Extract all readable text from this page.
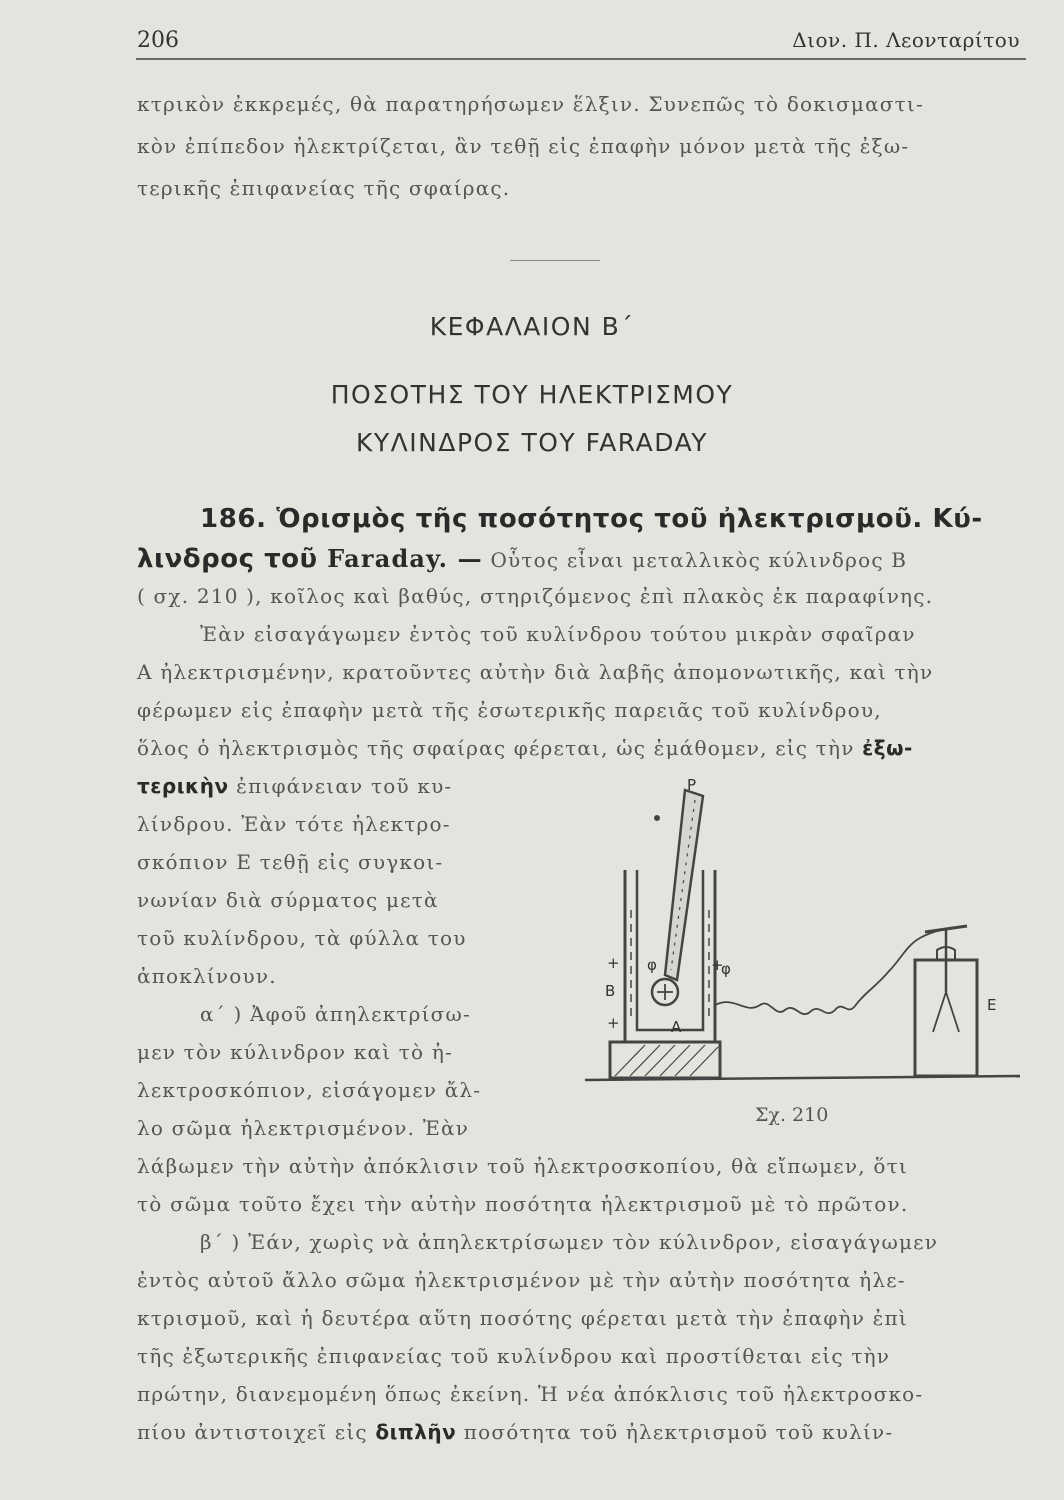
206	Διον. Π. Λεονταρίτου
κτρικὸν ἐκκρεμές, θὰ παρατηρήσωμεν ἕλξιν. Συνεπῶς τὸ δοκισμαστι-
κὸν ἐπίπεδον ἠλεκτρίζεται, ἂν τεθῇ εἰς ἐπαφὴν μόνον μετὰ τῆς ἐξω-
τερικῆς ἐπιφανείας τῆς σφαίρας.
ΚΕΦΑΛΑΙΟΝ Β΄
ΠΟΣΟΤΗΣ ΤΟΥ ΗΛΕΚΤΡΙΣΜΟΥ
ΚΥΛΙΝΔΡΟΣ ΤΟΥ FARADAY
186. Ὁρισμὸς τῆς ποσότητος τοῦ ἠλεκτρισμοῦ. Κύ-
λινδρος τοῦ Faraday. — Οὗτος εἶναι μεταλλικὸς κύλινδρος Β
( σχ. 210 ), κοῖλος καὶ βαθύς, στηριζόμενος ἐπὶ πλακὸς ἐκ παραφίνης.
Ἐὰν εἰσαγάγωμεν ἐντὸς τοῦ κυλίνδρου τούτου μικρὰν σφαῖραν
Α ἠλεκτρισμένην, κρατοῦντες αὐτὴν διὰ λαβῆς ἀπομονωτικῆς, καὶ τὴν
φέρωμεν εἰς ἐπαφὴν μετὰ τῆς ἐσωτερικῆς παρειᾶς τοῦ κυλίνδρου,
ὅλος ὁ ἠλεκτρισμὸς τῆς σφαίρας φέρεται, ὡς ἐμάθομεν, εἰς τὴν ἐξω-
τερικὴν ἐπιφάνειαν τοῦ κυ-
λίνδρου. Ἐὰν τότε ἠλεκτρο-
σκόπιον Ε τεθῇ εἰς συγκοι-
νωνίαν διὰ σύρματος μετὰ
τοῦ κυλίνδρου, τὰ φύλλα του
ἀποκλίνουν.
α΄ ) Ἀφοῦ ἀπηλεκτρίσω-
μεν τὸν κύλινδρον καὶ τὸ ἠ-
λεκτροσκόπιον, εἰσάγομεν ἄλ-
λο σῶμα ἠλεκτρισμένον. Ἐὰν
λάβωμεν τὴν αὐτὴν ἀπόκλισιν τοῦ ἠλεκτροσκοπίου, θὰ εἴπωμεν, ὅτι
τὸ σῶμα τοῦτο ἔχει τὴν αὐτὴν ποσότητα ἠλεκτρισμοῦ μὲ τὸ πρῶτον.
β΄ ) Ἐάν, χωρὶς νὰ ἀπηλεκτρίσωμεν τὸν κύλινδρον, εἰσαγάγωμεν
ἐντὸς αὐτοῦ ἄλλο σῶμα ἠλεκτρισμένον μὲ τὴν αὐτὴν ποσότητα ἠλε-
κτρισμοῦ, καὶ ἡ δευτέρα αὕτη ποσότης φέρεται μετὰ τὴν ἐπαφὴν ἐπὶ
τῆς ἐξωτερικῆς ἐπιφανείας τοῦ κυλίνδρου καὶ προστίθεται εἰς τὴν
πρώτην, διανεμομένη ὅπως ἐκείνη. Ἡ νέα ἀπόκλισις τοῦ ἠλεκτροσκο-
πίου ἀντιστοιχεῖ εἰς διπλῆν ποσότητα τοῦ ἠλεκτρισμοῦ τοῦ κυλίν-
P
B
A
E
φ	φ
+
+
+
Σχ. 210
